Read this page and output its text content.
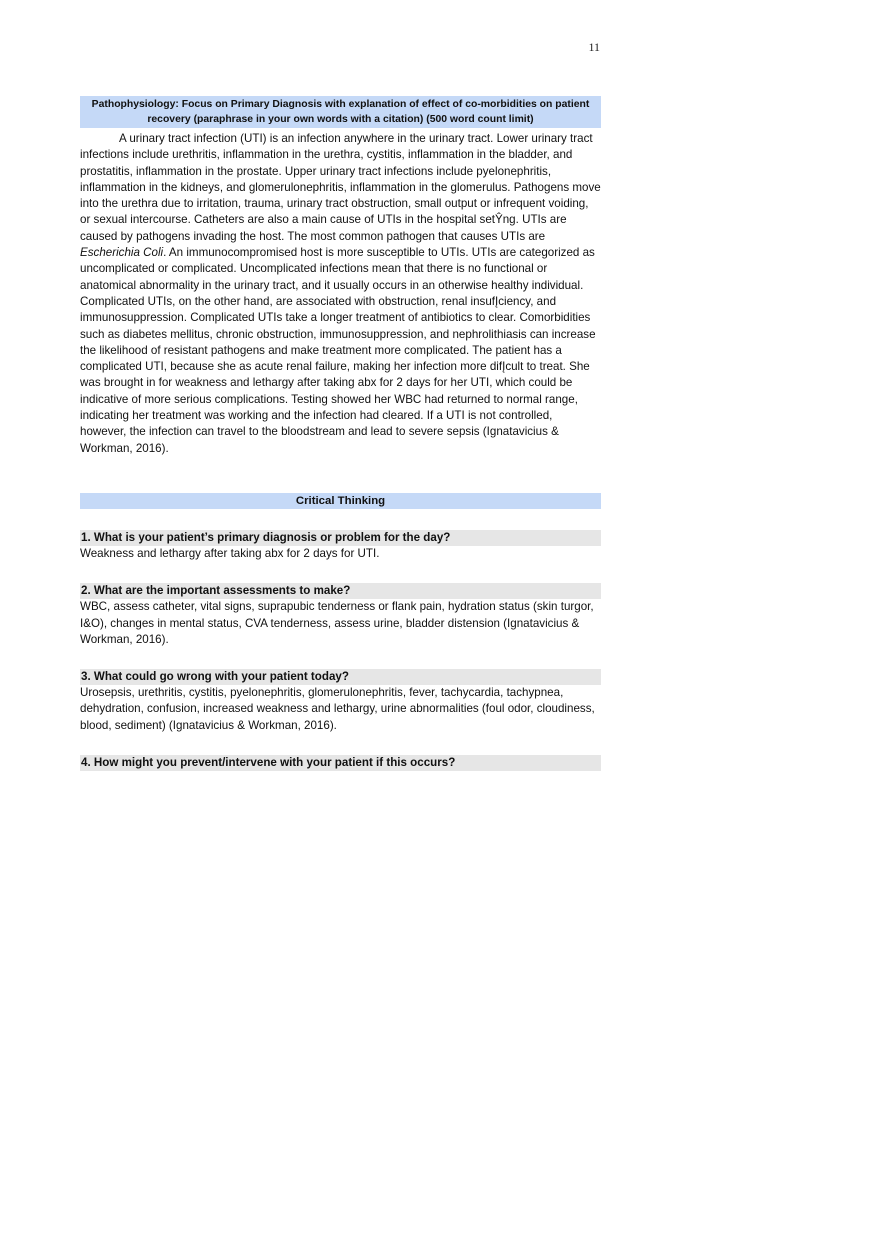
11
Pathophysiology: Focus on Primary Diagnosis with explanation of effect of co-morbidities on patient recovery (paraphrase in your own words with a citation) (500 word count limit)

A urinary tract infection (UTI) is an infection anywhere in the urinary tract. Lower urinary tract infections include urethritis, inflammation in the urethra, cystitis, inflammation in the bladder, and prostatitis, inflammation in the prostate. Upper urinary tract infections include pyelonephritis, inflammation in the kidneys, and glomerulonephritis, inflammation in the glomerulus. Pathogens move into the urethra due to irritation, trauma, urinary tract obstruction, small output or infrequent voiding, or sexual intercourse. Catheters are also a main cause of UTIs in the hospital setŶng. UTIs are caused by pathogens invading the host. The most common pathogen that causes UTIs are Escherichia Coli. An immunocompromised host is more susceptible to UTIs. UTIs are categorized as uncomplicated or complicated. Uncomplicated infections mean that there is no functional or anatomical abnormality in the urinary tract, and it usually occurs in an otherwise healthy individual. Complicated UTIs, on the other hand, are associated with obstruction, renal insufĮciency, and immunosuppression. Complicated UTIs take a longer treatment of antibiotics to clear. Comorbidities such as diabetes mellitus, chronic obstruction, immunosuppression, and nephrolithiasis can increase the likelihood of resistant pathogens and make treatment more complicated. The patient has a complicated UTI, because she as acute renal failure, making her infection more difĮcult to treat. She was brought in for weakness and lethargy after taking abx for 2 days for her UTI, which could be indicative of more serious complications. Testing showed her WBC had returned to normal range, indicating her treatment was working and the infection had cleared. If a UTI is not controlled, however, the infection can travel to the bloodstream and lead to severe sepsis (Ignatavicius & Workman, 2016).

Critical Thinking
1. What is your patient’s primary diagnosis or problem for the day?
Weakness and lethargy after taking abx for 2 days for UTI.
2. What are the important assessments to make?
WBC, assess catheter, vital signs, suprapubic tenderness or flank pain, hydration status (skin turgor, I&O), changes in mental status, CVA tenderness, assess urine, bladder distension (Ignatavicius & Workman, 2016).
3. What could go wrong with your patient today?
Urosepsis, urethritis, cystitis, pyelonephritis, glomerulonephritis, fever, tachycardia, tachypnea, dehydration, confusion, increased weakness and lethargy, urine abnormalities (foul odor, cloudiness, blood, sediment) (Ignatavicius & Workman, 2016).
4. How might you prevent/intervene with your patient if this occurs?
